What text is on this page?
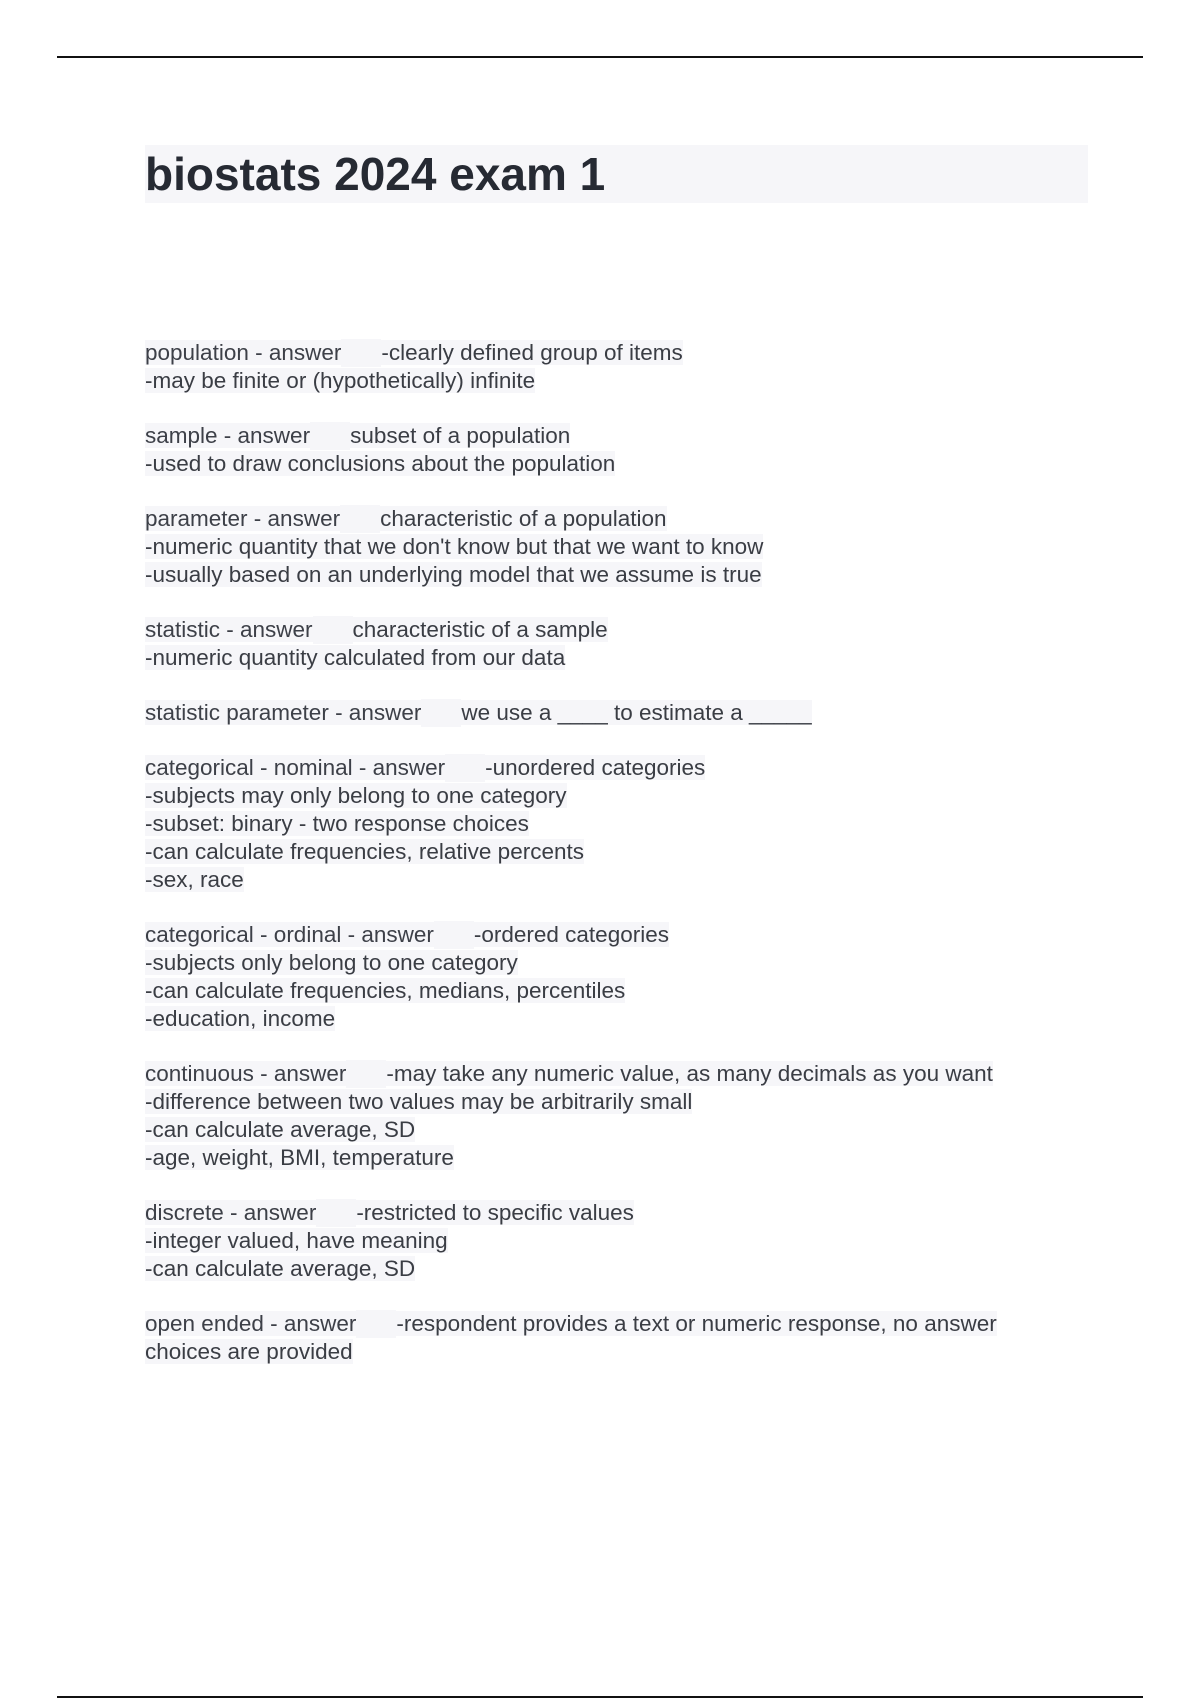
biostats 2024 exam 1
population - answer -clearly defined group of items
-may be finite or (hypothetically) infinite
sample - answer subset of a population
-used to draw conclusions about the population
parameter - answer characteristic of a population
-numeric quantity that we don't know but that we want to know
-usually based on an underlying model that we assume is true
statistic - answer characteristic of a sample
-numeric quantity calculated from our data
statistic parameter - answer we use a ____ to estimate a _____
categorical - nominal - answer -unordered categories
-subjects may only belong to one category
-subset: binary - two response choices
-can calculate frequencies, relative percents
-sex, race
categorical - ordinal - answer -ordered categories
-subjects only belong to one category
-can calculate frequencies, medians, percentiles
-education, income
continuous - answer -may take any numeric value, as many decimals as you want
-difference between two values may be arbitrarily small
-can calculate average, SD
-age, weight, BMI, temperature
discrete - answer -restricted to specific values
-integer valued, have meaning
-can calculate average, SD
open ended - answer -respondent provides a text or numeric response, no answer
choices are provided
